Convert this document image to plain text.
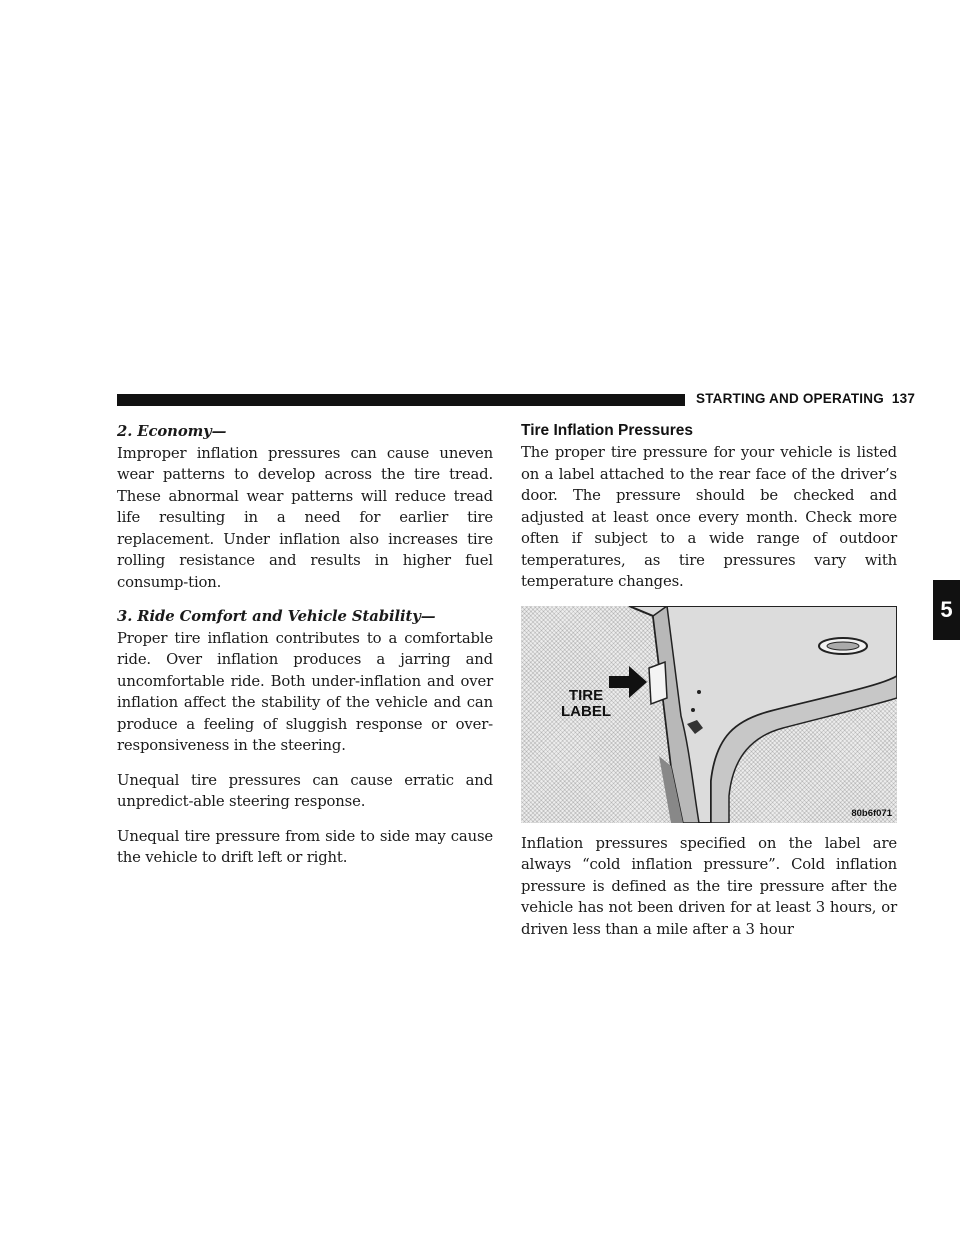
STARTING AND OPERATING 137
5
2. Economy—

Improper inflation pressures can cause uneven wear patterns to develop across the tire tread. These abnormal wear patterns will reduce tread life resulting in a need for earlier tire replacement. Under inflation also increases tire rolling resistance and results in higher fuel consump-tion.

3. Ride Comfort and Vehicle Stability—

Proper tire inflation contributes to a comfortable ride. Over inflation produces a jarring and uncomfortable ride. Both under-inflation and over inflation affect the stability of the vehicle and can produce a feeling of sluggish response or over-responsiveness in the steering.

Unequal tire pressures can cause erratic and unpredict-able steering response.

Unequal tire pressure from side to side may cause the vehicle to drift left or right.

Tire Inflation Pressures

The proper tire pressure for your vehicle is listed on a label attached to the rear face of the driver’s door. The pressure should be checked and adjusted at least once every month. Check more often if subject to a wide range of outdoor temperatures, as tire pressures vary with temperature changes.

TIRE
LABEL
80b6f071

Inflation pressures specified on the label are always “cold inflation pressure”. Cold inflation pressure is defined as the tire pressure after the vehicle has not been driven for at least 3 hours, or driven less than a mile after a 3 hour
